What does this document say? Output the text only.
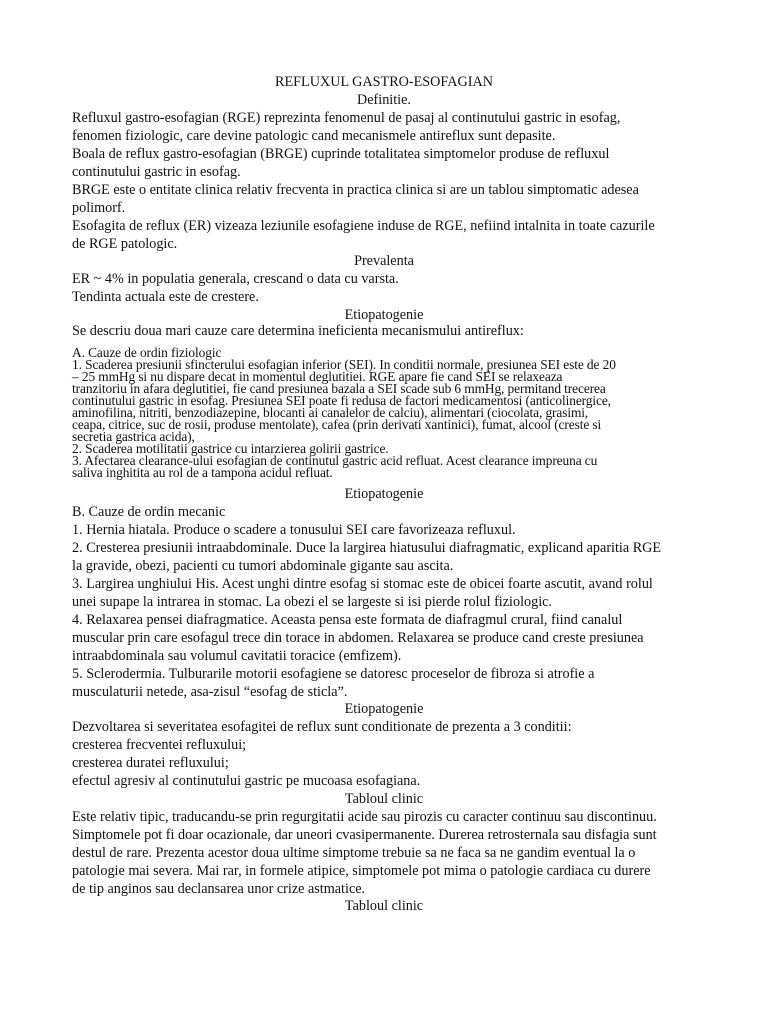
REFLUXUL GASTRO-ESOFAGIAN
Definitie.
Refluxul gastro-esofagian (RGE) reprezinta fenomenul de pasaj al continutului gastric in esofag,
fenomen fiziologic, care devine patologic cand mecanismele antireflux sunt depasite.
Boala de reflux gastro-esofagian (BRGE) cuprinde totalitatea simptomelor produse de refluxul
continutului gastric in esofag.
BRGE este o entitate clinica relativ frecventa in practica clinica si are un tablou simptomatic adesea
polimorf.
Esofagita de reflux (ER) vizeaza leziunile esofagiene induse de RGE, nefiind intalnita in toate cazurile
de RGE patologic.
Prevalenta
ER ~ 4% in populatia generala, crescand o data cu varsta.
Tendinta actuala este de crestere.
Etiopatogenie
Se descriu doua mari cauze care determina ineficienta mecanismului antireflux:
A. Cauze de ordin fiziologic
1. Scaderea presiunii sfincterului esofagian inferior (SEI). In conditii normale, presiunea SEI este de 20
– 25 mmHg si nu dispare decat in momentul deglutitiei. RGE apare fie cand SEI se relaxeaza
tranzitoriu in afara deglutitiei, fie cand presiunea bazala a SEI scade sub 6 mmHg, permitand trecerea
continutului gastric in esofag. Presiunea SEI poate fi redusa de factori medicamentosi (anticolinergice,
aminofilina, nitriti, benzodiazepine, blocanti ai canalelor de calciu), alimentari (ciocolata, grasimi,
ceapa, citrice, suc de rosii, produse mentolate), cafea (prin derivati xantinici), fumat, alcool (creste si
secretia gastrica acida),
2. Scaderea motilitatii gastrice cu intarzierea golirii gastrice.
3. Afectarea clearance-ului esofagian de continutul gastric acid refluat. Acest clearance impreuna cu
saliva inghitita au rol de a tampona acidul refluat.
Etiopatogenie
B. Cauze de ordin mecanic
1. Hernia hiatala. Produce o scadere a tonusului SEI care favorizeaza refluxul.
2. Cresterea presiunii intraabdominale. Duce la largirea hiatusului diafragmatic, explicand aparitia RGE
la gravide, obezi, pacienti cu tumori abdominale gigante sau ascita.
3. Largirea unghiului His. Acest unghi dintre esofag si stomac este de obicei foarte ascutit, avand rolul
unei supape la intrarea in stomac. La obezi el se largeste si isi pierde rolul fiziologic.
4. Relaxarea pensei diafragmatice. Aceasta pensa este formata de diafragmul crural, fiind canalul
muscular prin care esofagul trece din torace in abdomen. Relaxarea se produce cand creste presiunea
intraabdominala sau volumul cavitatii toracice (emfizem).
5. Sclerodermia. Tulburarile motorii esofagiene se datoresc proceselor de fibroza si atrofie a
musculaturii netede, asa-zisul “esofag de sticla”.
Etiopatogenie
Dezvoltarea si severitatea esofagitei de reflux sunt conditionate de prezenta a 3 conditii:
cresterea frecventei refluxului;
cresterea duratei refluxului;
efectul agresiv al continutului gastric pe mucoasa esofagiana.
Tabloul clinic
Este relativ tipic, traducandu-se prin regurgitatii acide sau pirozis cu caracter continuu sau discontinuu.
Simptomele pot fi doar ocazionale, dar uneori cvasipermanente. Durerea retrosternala sau disfagia sunt
destul de rare. Prezenta acestor doua ultime simptome trebuie sa ne faca sa ne gandim eventual la o
patologie mai severa. Mai rar, in formele atipice, simptomele pot mima o patologie cardiaca cu durere
de tip anginos sau declansarea unor crize astmatice.
Tabloul clinic
